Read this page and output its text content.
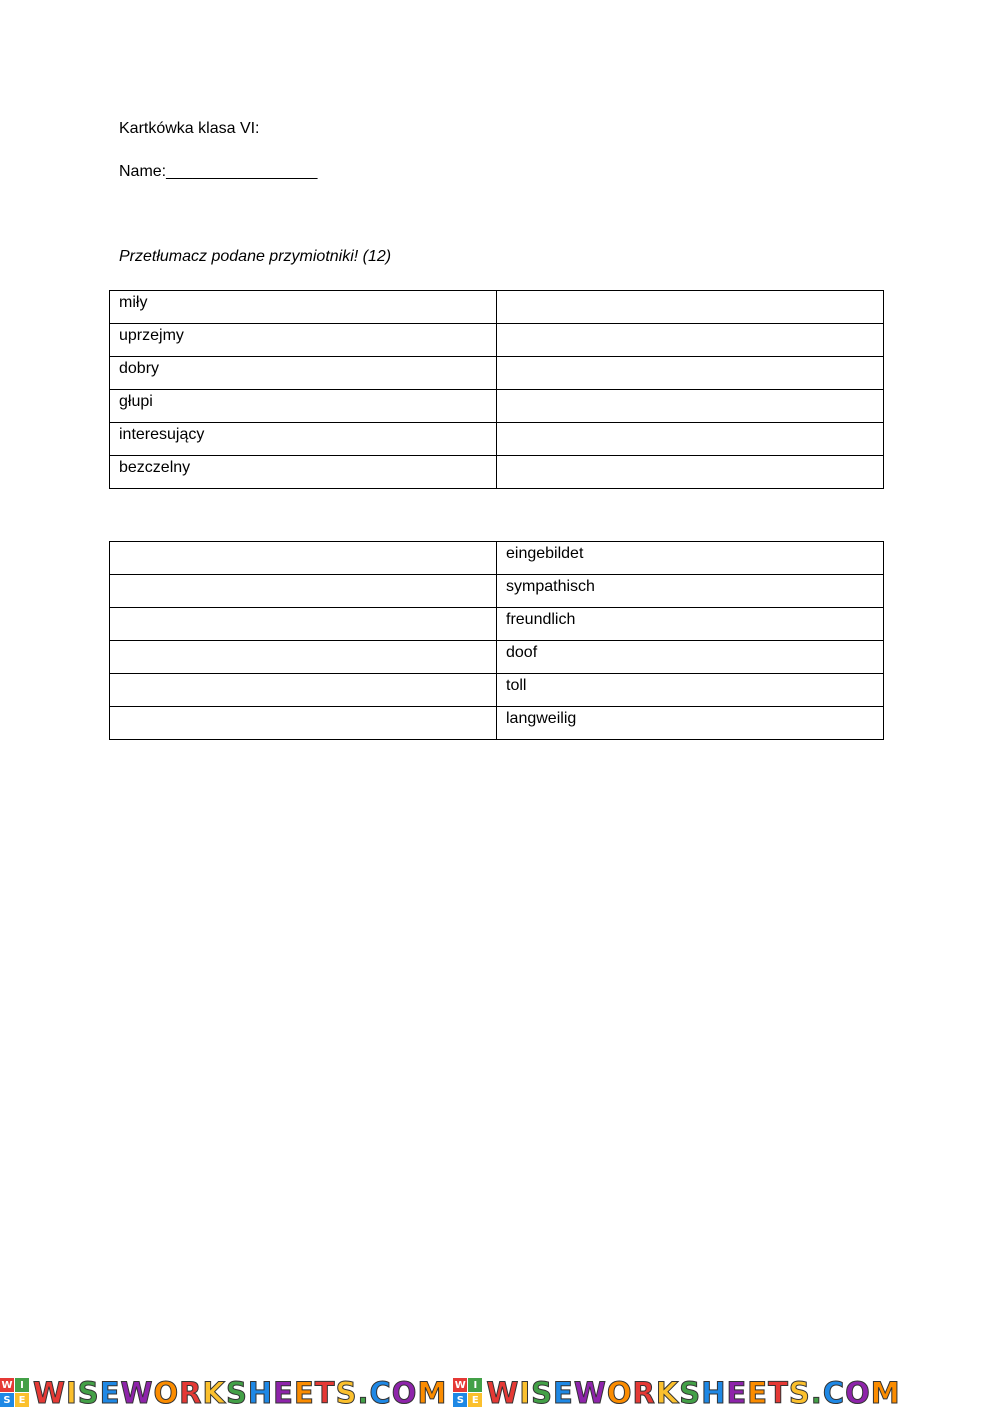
Kartkówka klasa VI:
Name:_________________
Przetłumacz podane przymiotniki! (12)
miły	
uprzejmy	
dobry	
głupi	
interesujący	
bezczelny	
	eingebildet
	sympathisch
	freundlich
	doof
	toll
	langweilig
W I
S E WISEWORKSHEETS.COM W I
S E WISEWORKSHEETS.COM
